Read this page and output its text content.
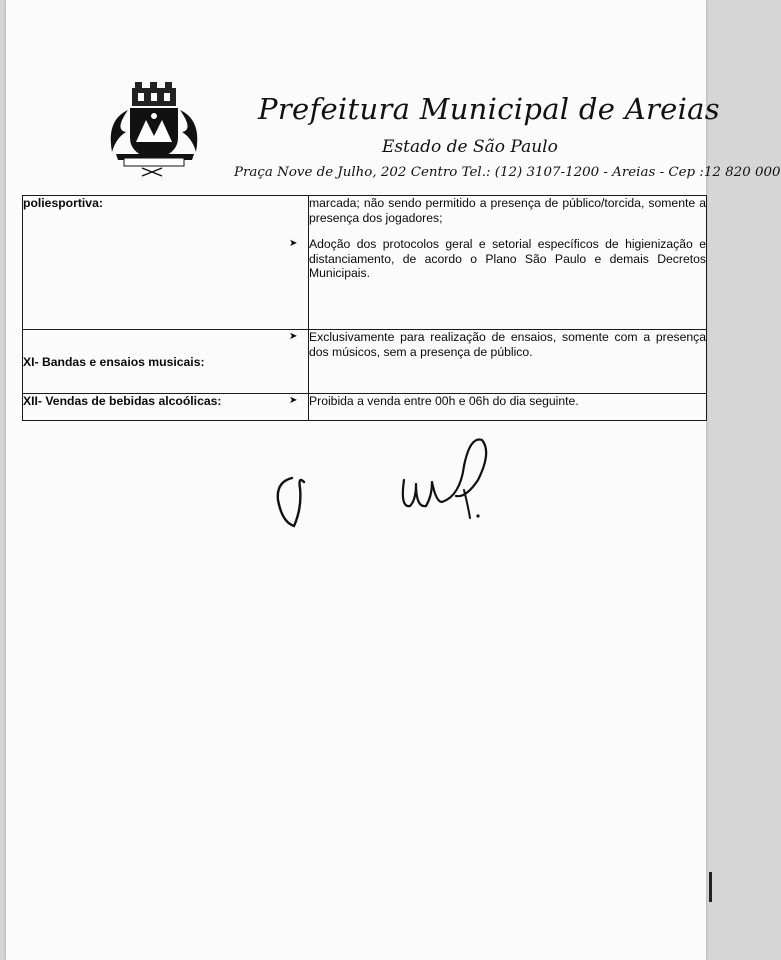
Prefeitura Municipal de Areias
Estado de São Paulo
Praça Nove de Julho, 202 Centro Tel.: (12) 3107-1200 - Areias - Cep :12 820 000
poliesportiva:	marcada; não sendo permitido a presença de público/torcida, somente a presença dos jogadores;
➤ Adoção dos protocolos geral e setorial específicos de higienização e distanciamento, de acordo o Plano São Paulo e demais Decretos Municipais.

XI- Bandas e ensaios musicais:	➤ Exclusivamente para realização de ensaios, somente com a presença dos músicos, sem a presença de público.

XII- Vendas de bebidas alcoólicas:	➤ Proibida a venda entre 00h e 06h do dia seguinte.
